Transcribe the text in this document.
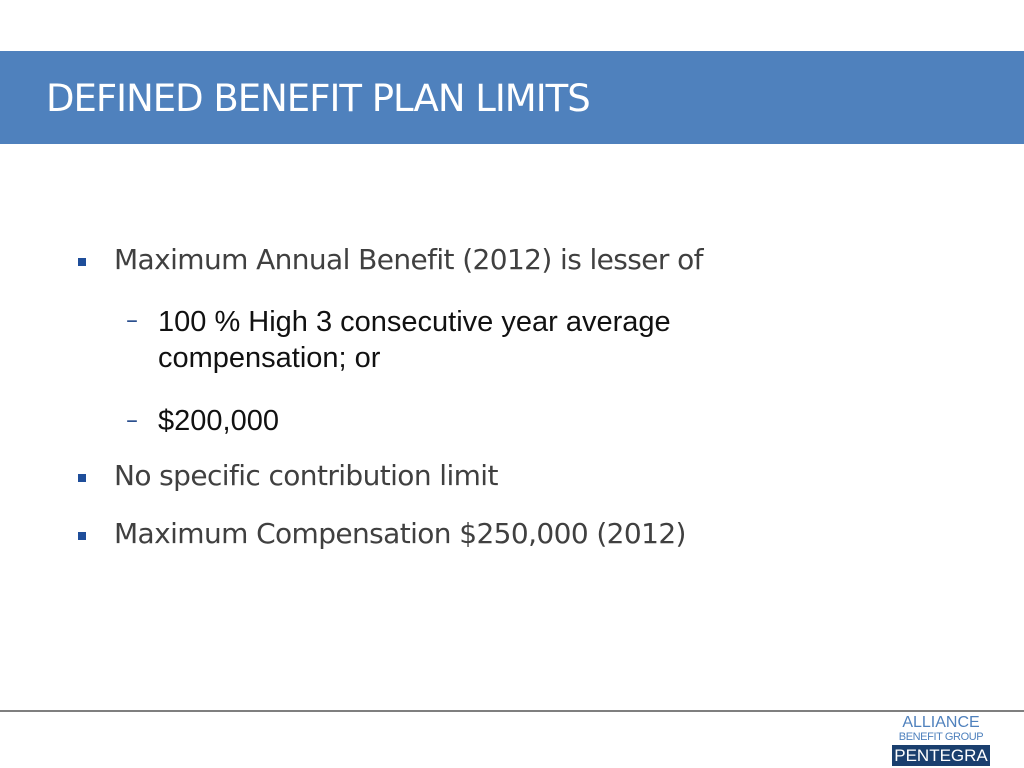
DEFINED BENEFIT PLAN LIMITS
Maximum Annual Benefit (2012) is lesser of
– 100 % High 3 consecutive year average compensation; or
– $200,000
No specific contribution limit
Maximum Compensation $250,000 (2012)
ALLIANCE
BENEFIT GROUP
PENTEGRA
